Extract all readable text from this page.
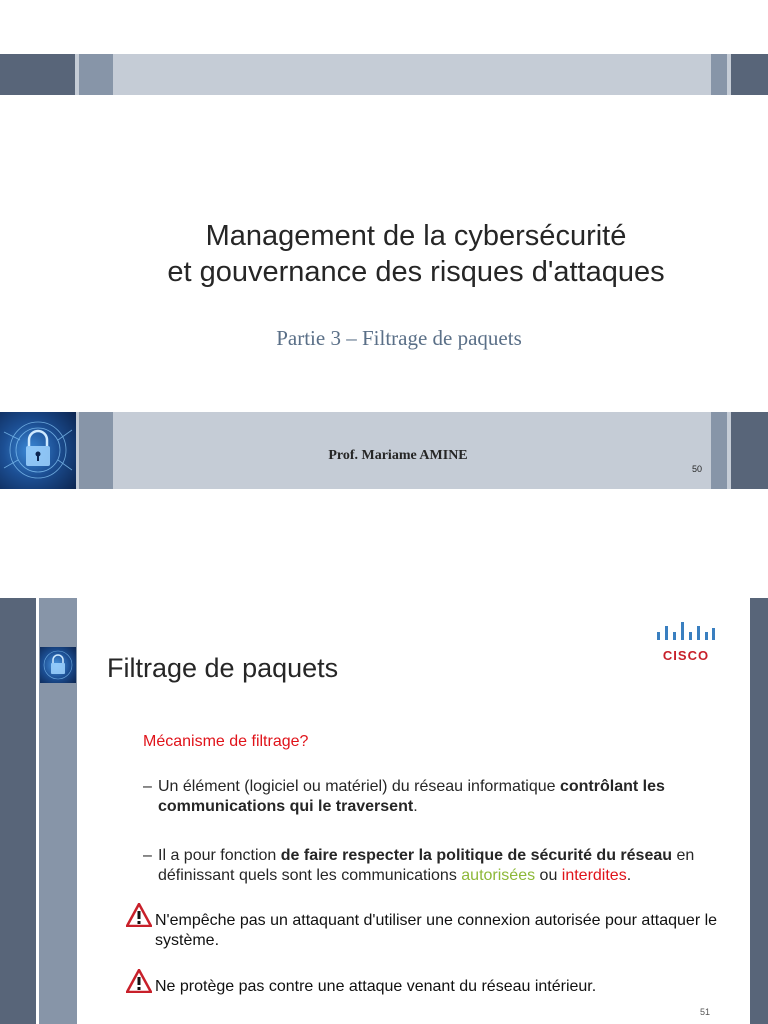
Management de la cybersécurité
et gouvernance des risques d'attaques
Partie 3 – Filtrage de paquets
Prof. Mariame AMINE
50
Filtrage de paquets	CISCO
Mécanisme de filtrage?
– Un élément (logiciel ou matériel) du réseau informatique contrôlant les communications qui le traversent.
– Il a pour fonction de faire respecter la politique de sécurité du réseau en définissant quels sont les communications autorisées ou interdites.
N'empêche pas un attaquant d'utiliser une connexion autorisée pour attaquer le système.
Ne protège pas contre une attaque venant du réseau intérieur.
51
